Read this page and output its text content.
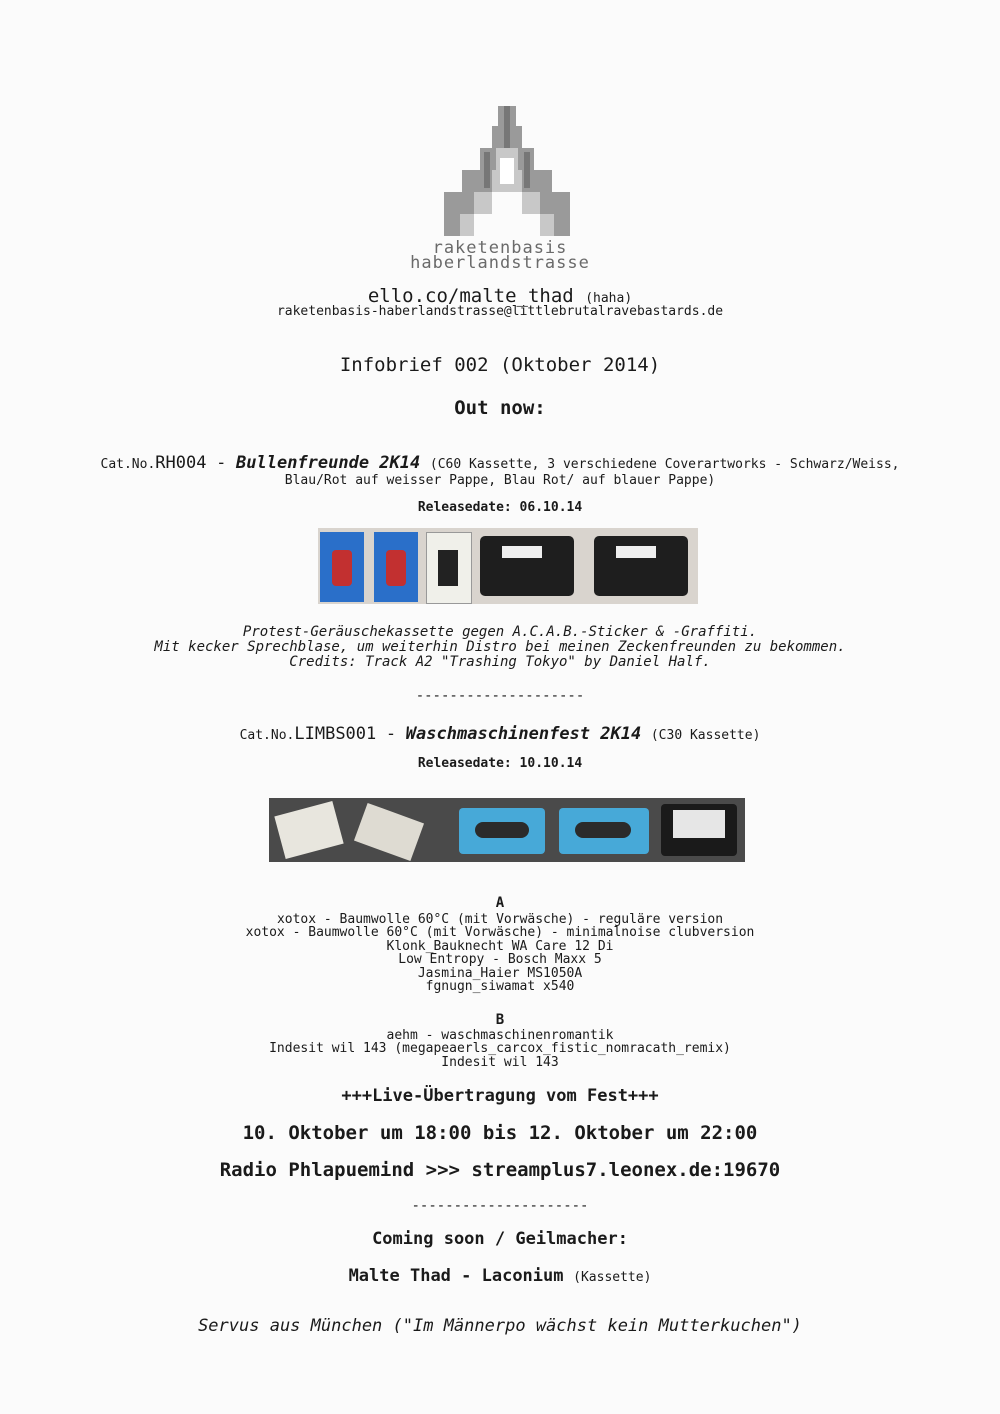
raketenbasis
haberlandstrasse
ello.co/malte_thad (haha)
raketenbasis-haberlandstrasse@littlebrutalravebastards.de
Infobrief 002 (Oktober 2014)
Out now:
Cat.No.RH004 - Bullenfreunde 2K14 (C60 Kassette, 3 verschiedene Coverartworks - Schwarz/Weiss,
Blau/Rot auf weisser Pappe, Blau Rot/ auf blauer Pappe)
Releasedate: 06.10.14
Protest-Geräuschekassette gegen A.C.A.B.-Sticker & -Graffiti.
Mit kecker Sprechblase, um weiterhin Distro bei meinen Zeckenfreunden zu bekommen.
Credits: Track A2 "Trashing Tokyo" by Daniel Half.
--------------------
Cat.No.LIMBS001 - Waschmaschinenfest 2K14 (C30 Kassette)
Releasedate: 10.10.14
A
xotox - Baumwolle 60°C (mit Vorwäsche) - reguläre version
xotox - Baumwolle 60°C (mit Vorwäsche) - minimalnoise clubversion
Klonk_Bauknecht WA Care 12 Di
Low Entropy - Bosch Maxx 5
Jasmina_Haier MS1050A
fgnugn_siwamat x540
B
aehm - waschmaschinenromantik
Indesit wil 143 (megapeaerls_carcox_fistic_nomracath_remix)
Indesit wil 143
+++Live-Übertragung vom Fest+++
10. Oktober um 18:00 bis 12. Oktober um 22:00
Radio Phlapuemind >>> streamplus7.leonex.de:19670
---------------------
Coming soon / Geilmacher:
Malte Thad - Laconium (Kassette)
Servus aus München ("Im Männerpo wächst kein Mutterkuchen")
